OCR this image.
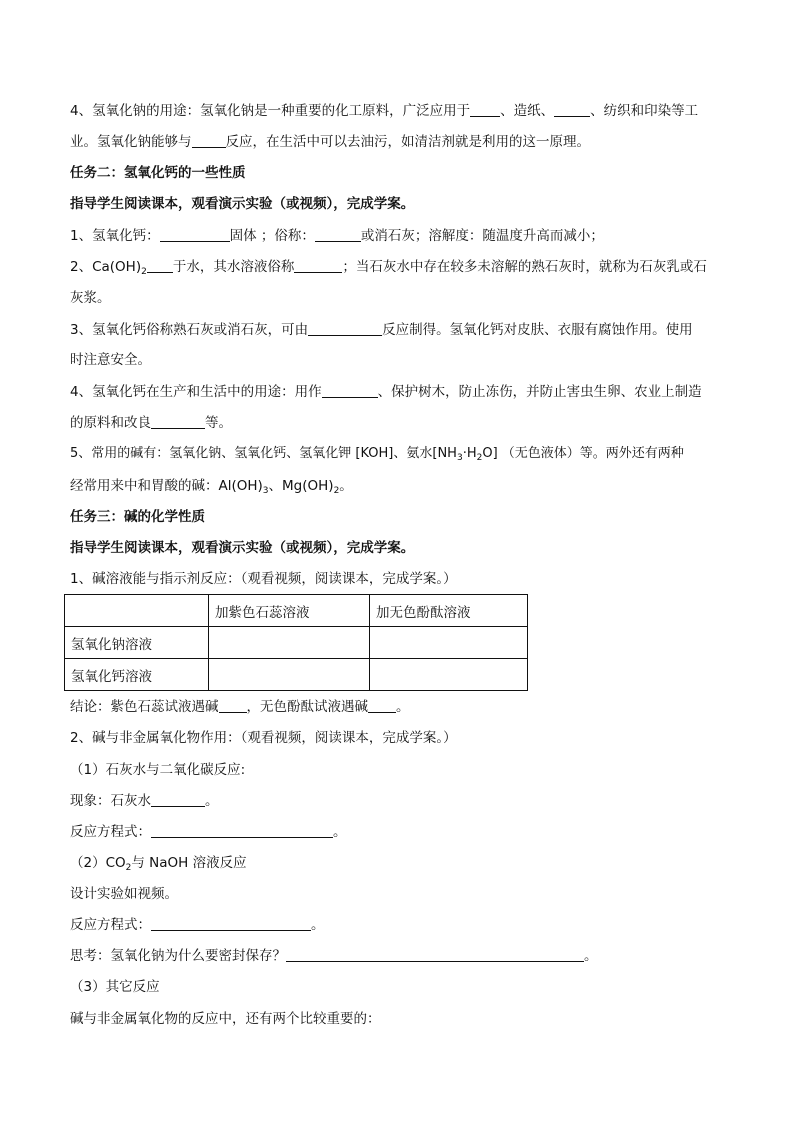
4、氢氧化钠的用途：氢氧化钠是一种重要的化工原料，广泛应用于 、造纸、	、纺织和印染等工
业。氢氧化钠能够与	反应，在生活中可以去油污，如清洁剂就是利用的这一原理。
任务二：氢氧化钙的一些性质
指导学生阅读课本，观看演示实验（或视频），完成学案。
1、氢氧化钙：	固体 ；俗称：	或消石灰；溶解度：随温度升高而减小；
2、$Ca(OH)_2$ 于水，其水溶液俗称	；当石灰水中存在较多未溶解的熟石灰时，就称为石灰乳或石
灰浆。
3、氢氧化钙俗称熟石灰或消石灰，可由	反应制得。氢氧化钙对皮肤、衣服有腐蚀作用。使用
时注意安全。
4、氢氧化钙在生产和生活中的用途：用作	、保护树木，防止冻伤，并防止害虫生卵、农业上制造
的原料和改良	等。
5、常用的碱有：氢氧化钠、氢氧化钙、氢氧化钾 [KOH]、氨水$[NH_3\cdot H_2O]$ （无色液体）等。两外还有两种
经常用来中和胃酸的碱：$Al(OH)_3$、$Mg(OH)_2$。
任务三：碱的化学性质
指导学生阅读课本，观看演示实验（或视频），完成学案。
1、碱溶液能与指示剂反应：（观看视频，阅读课本，完成学案。）
	加紫色石蕊溶液	加无色酚酞溶液
氢氧化钠溶液		
氢氧化钙溶液		
结论：紫色石蕊试液遇碱 ，无色酚酞试液遇碱 。
2、碱与非金属氧化物作用：（观看视频，阅读课本，完成学案。）
（1）石灰水与二氧化碳反应:
现象：石灰水	。
反应方程式：	。
$(2)CO_2$与 NaOH 溶液反应
设计实验如视频。
反应方程式：	。
思考：氢氧化钠为什么要密封保存？	。
（3）其它反应
碱与非金属氧化物的反应中，还有两个比较重要的：
